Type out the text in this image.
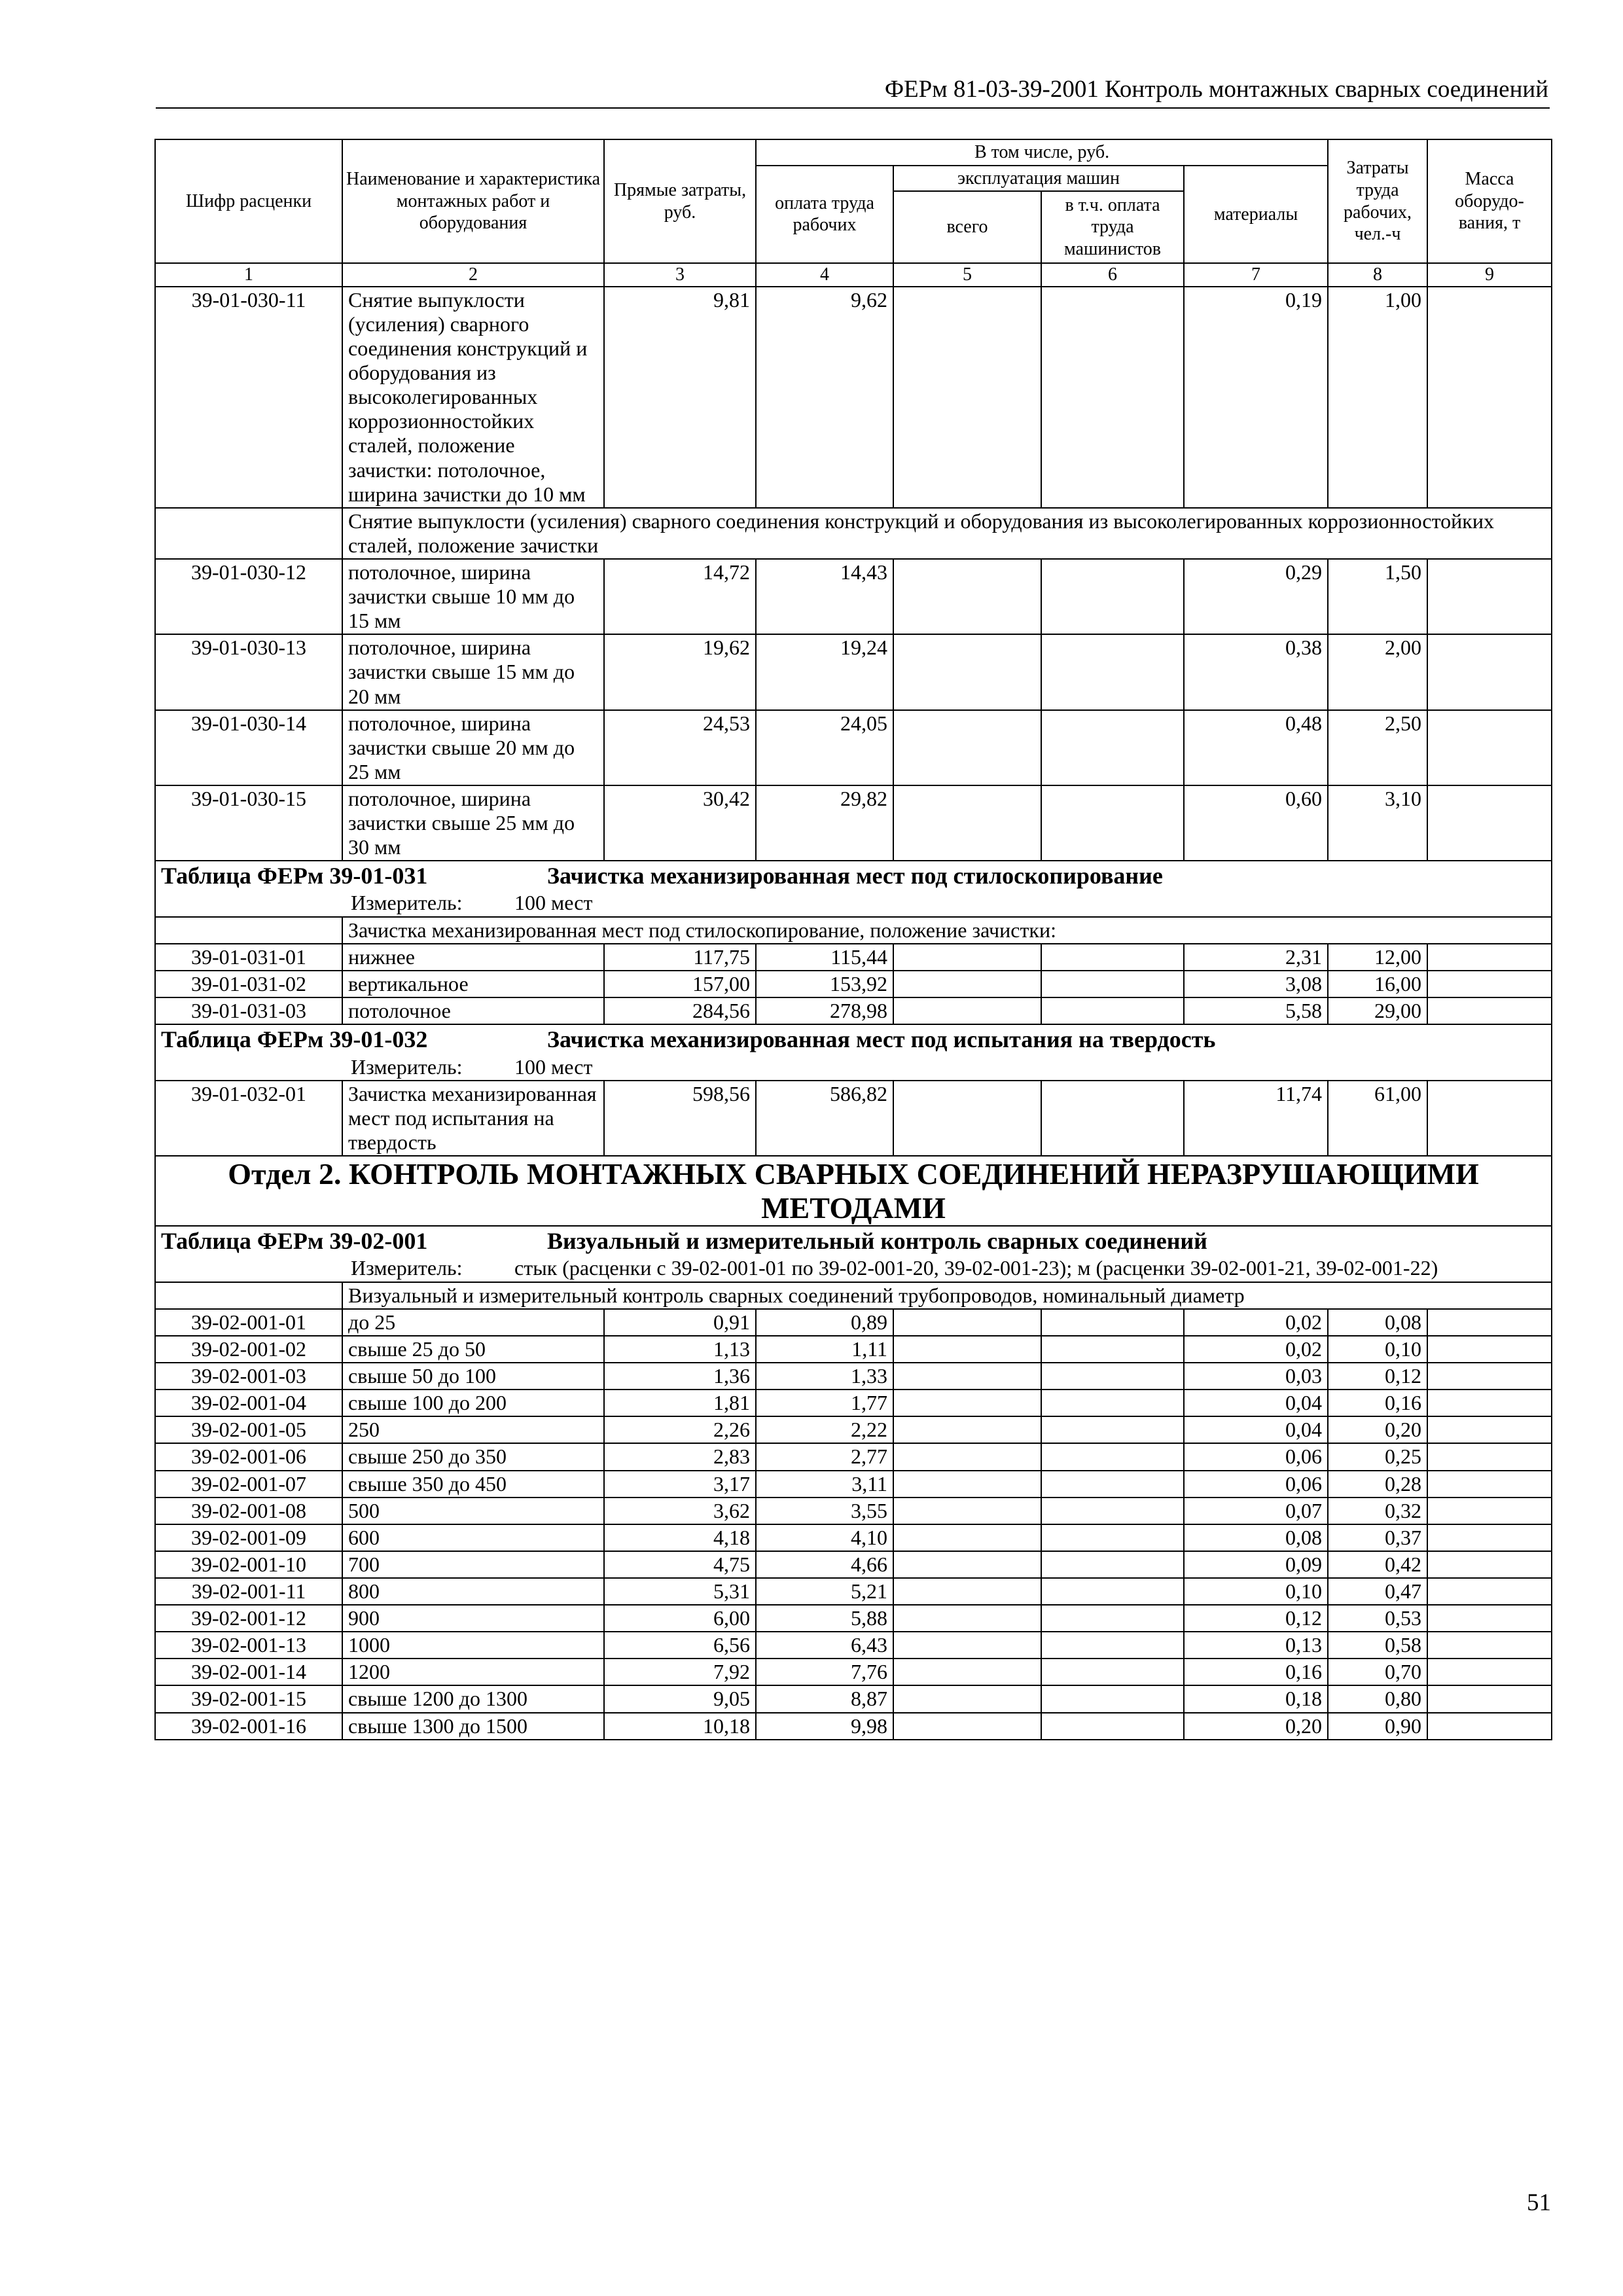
ФЕРм 81-03-39-2001 Контроль монтажных сварных соединений
Шифр расценки	Наименование и характеристика монтажных работ и оборудования	Прямые затраты, руб.	В том числе, руб.				Затраты труда рабочих, чел.-ч	Масса оборудо-вания, т
			оплата труда рабочих	эксплуатация машин		материалы		
				всего	в т.ч. оплата труда машинистов			
1	2	3	4	5	6	7	8	9
39-01-030-11	Снятие выпуклости (усиления) сварного соединения конструкций и оборудования из высоколегированных коррозионностойких сталей, положение зачистки: потолочное, ширина зачистки до 10 мм	9,81	9,62			0,19	1,00	
	Снятие выпуклости (усиления) сварного соединения конструкций и оборудования из высоколегированных коррозионностойких сталей, положение зачистки							
39-01-030-12	потолочное, ширина зачистки свыше 10 мм до 15 мм	14,72	14,43			0,29	1,50	
39-01-030-13	потолочное, ширина зачистки свыше 15 мм до 20 мм	19,62	19,24			0,38	2,00	
39-01-030-14	потолочное, ширина зачистки свыше 20 мм до 25 мм	24,53	24,05			0,48	2,50	
39-01-030-15	потолочное, ширина зачистки свыше 25 мм до 30 мм	30,42	29,82			0,60	3,10	
Таблица ФЕРм 39-01-031 Зачистка механизированная мест под стилоскопирование
Измеритель: 100 мест								

	Зачистка механизированная мест под стилоскопирование, положение зачистки:							
39-01-031-01	нижнее	117,75	115,44			2,31	12,00	
39-01-031-02	вертикальное	157,00	153,92			3,08	16,00	
39-01-031-03	потолочное	284,56	278,98			5,58	29,00	
Таблица ФЕРм 39-01-032 Зачистка механизированная мест под испытания на твердость
Измеритель: 100 мест								

39-01-032-01	Зачистка механизированная мест под испытания на твердость	598,56	586,82			11,74	61,00	
Отдел 2. КОНТРОЛЬ МОНТАЖНЫХ СВАРНЫХ СОЕДИНЕНИЙ НЕРАЗРУШАЮЩИМИ МЕТОДАМИ								
Таблица ФЕРм 39-02-001 Визуальный и измерительный контроль сварных соединений
Измеритель: стык (расценки с 39-02-001-01 по 39-02-001-20, 39-02-001-23); м (расценки 39-02-001-21, 39-02-001-22)								

	Визуальный и измерительный контроль сварных соединений трубопроводов, номинальный диаметр							
39-02-001-01	до 25	0,91	0,89			0,02	0,08	
39-02-001-02	свыше 25 до 50	1,13	1,11			0,02	0,10	
39-02-001-03	свыше 50 до 100	1,36	1,33			0,03	0,12	
39-02-001-04	свыше 100 до 200	1,81	1,77			0,04	0,16	
39-02-001-05	250	2,26	2,22			0,04	0,20	
39-02-001-06	свыше 250 до 350	2,83	2,77			0,06	0,25	
39-02-001-07	свыше 350 до 450	3,17	3,11			0,06	0,28	
39-02-001-08	500	3,62	3,55			0,07	0,32	
39-02-001-09	600	4,18	4,10			0,08	0,37	
39-02-001-10	700	4,75	4,66			0,09	0,42	
39-02-001-11	800	5,31	5,21			0,10	0,47	
39-02-001-12	900	6,00	5,88			0,12	0,53	
39-02-001-13	1000	6,56	6,43			0,13	0,58	
39-02-001-14	1200	7,92	7,76			0,16	0,70	
39-02-001-15	свыше 1200 до 1300	9,05	8,87			0,18	0,80	
39-02-001-16	свыше 1300 до 1500	10,18	9,98			0,20	0,90	
51
